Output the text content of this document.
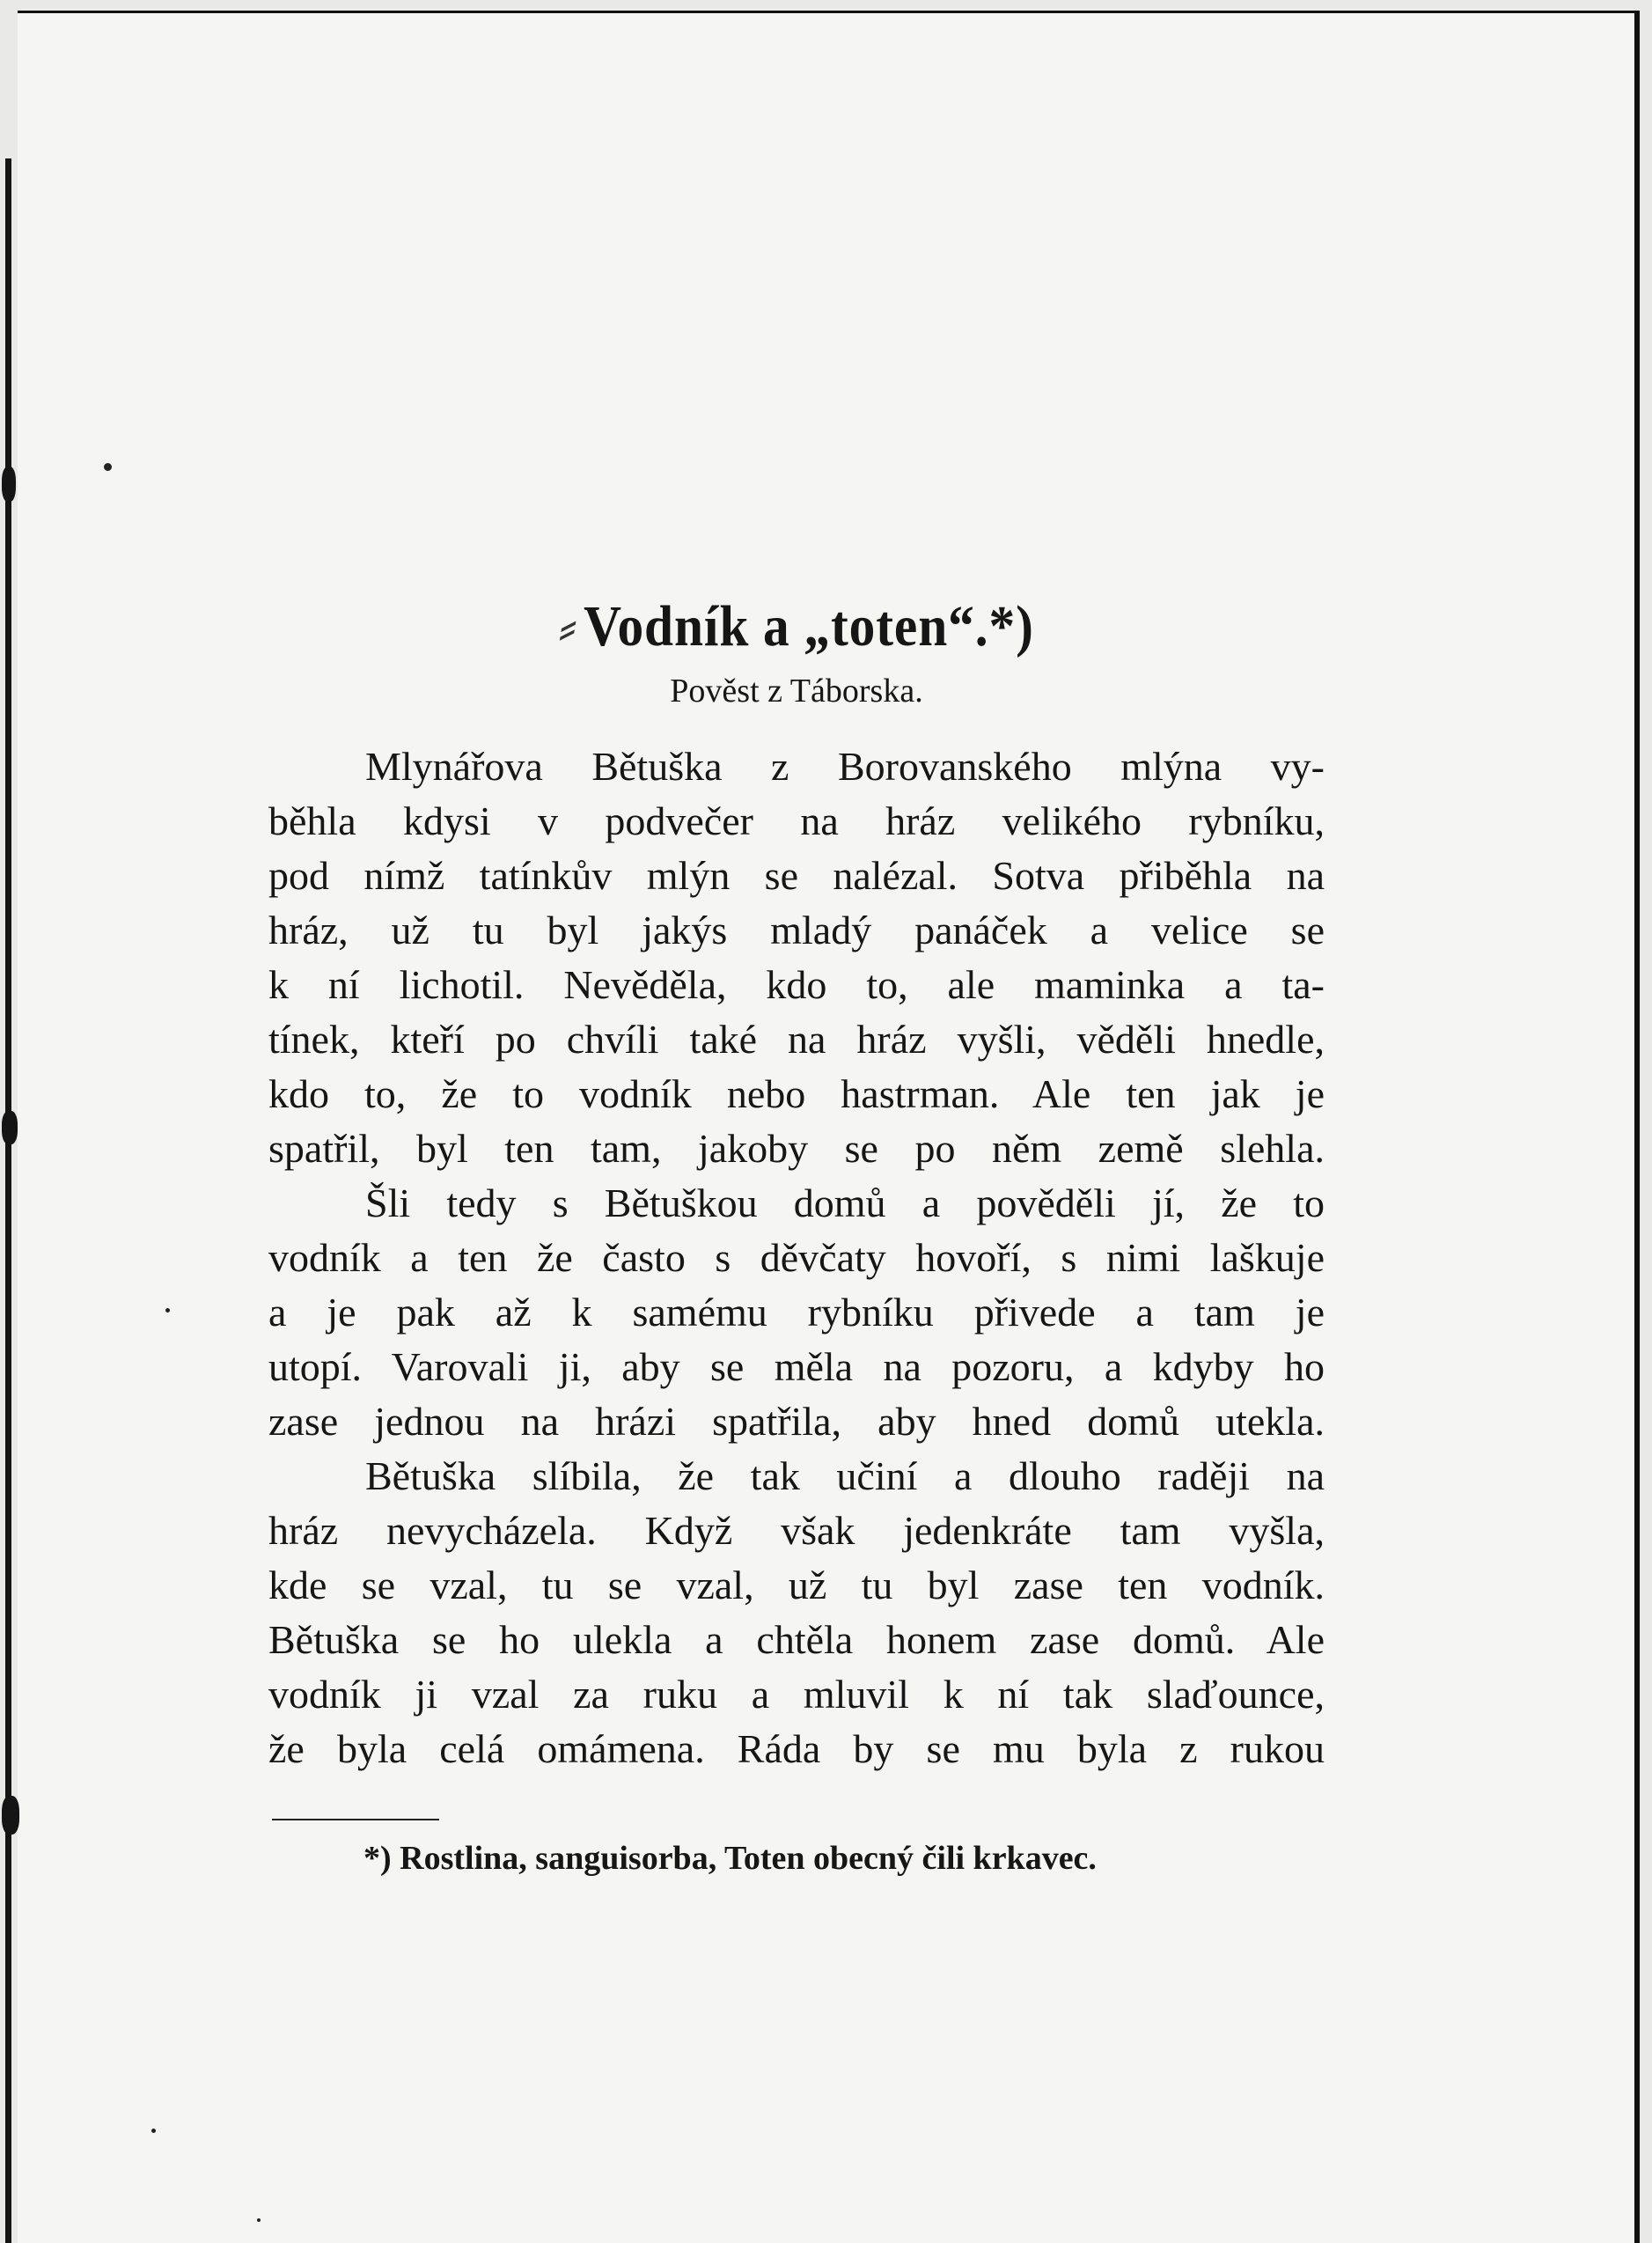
⸗ Vodník a „toten“.*)

Pověst z Táborska.

Mlynářova Bětuška z Borovanského mlýna vy-
běhla kdysi v podvečer na hráz velikého rybníku,
pod nímž tatínkův mlýn se nalézal. Sotva přiběhla na
hráz, už tu byl jakýs mladý panáček a velice se
k ní lichotil. Nevěděla, kdo to, ale maminka a ta-
tínek, kteří po chvíli také na hráz vyšli, věděli hnedle,
kdo to, že to vodník nebo hastrman. Ale ten jak je
spatřil, byl ten tam, jakoby se po něm země slehla.
Šli tedy s Bětuškou domů a pověděli jí, že to
vodník a ten že často s děvčaty hovoří, s nimi laškuje
a je pak až k samému rybníku přivede a tam je
utopí. Varovali ji, aby se měla na pozoru, a kdyby ho
zase jednou na hrázi spatřila, aby hned domů utekla.
Bětuška slíbila, že tak učiní a dlouho raději na
hráz nevycházela. Když však jedenkráte tam vyšla,
kde se vzal, tu se vzal, už tu byl zase ten vodník.
Bětuška se ho ulekla a chtěla honem zase domů. Ale
vodník ji vzal za ruku a mluvil k ní tak slaďounce,
že byla celá omámena. Ráda by se mu byla z rukou

*) Rostlina, sanguisorba, Toten obecný čili krkavec.
